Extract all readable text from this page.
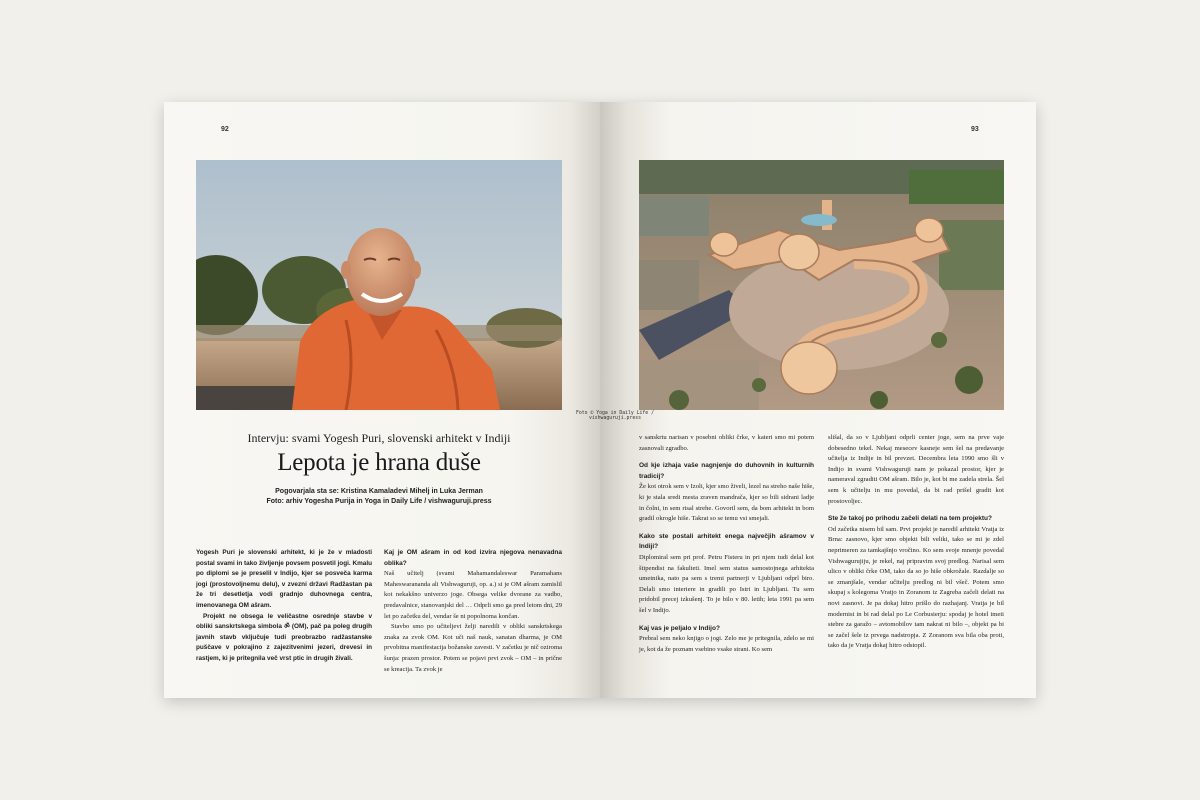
92	93
Foto © Yoga in Daily Life / vishwaguruji.press
Intervju: svami Yogesh Puri, slovenski arhitekt v Indiji
Lepota je hrana duše
Pogovarjala sta se: Kristina Kamaladevi Mihelj in Luka Jerman
Foto: arhiv Yogesha Purija in Yoga in Daily Life / vishwaguruji.press

Yogesh Puri je slovenski arhitekt, ki je že v mladosti postal svami in tako življenje povsem posvetil jogi. Kmalu po diplomi se je preselil v Indijo, kjer se posveča karma jogi (prostovoljnemu delu), v zvezni državi Radžastan pa že tri desetletja vodi gradnjo duhovnega centra, imenovanega OM ašram.

Projekt ne obsega le veličastne osrednje stavbe v obliki sanskrtskega simbola ॐ (OM), pač pa poleg drugih javnih stavb vključuje tudi preobrazbo radžastanske puščave v pokrajino z zajezitvenimi jezeri, drevesi in rastjem, ki je pritegnila več vrst ptic in drugih živali.

Kaj je OM ašram in od kod izvira njegova nenavadna oblika?

Naš učitelj (svami Mahamandaleswar Paramahans Maheswarananda ali Vishwaguruji, op. a.) si je OM ašram zamislil kot nekakšno univerzo joge. Obsega velike dvorane za vadbo, predavalnice, stanovanjski del … Odprli smo ga pred letom dni, 29 let po začetku del, vendar še ni popolnoma končan.

Stavbo smo po učiteljevi želji naredili v obliki sanskrtskega znaka za zvok OM. Kot uči naš nauk, sanatan dharma, je OM prvobitna manifestacija božanske zavesti. V začetku je nič oziroma šunja: prazen prostor. Potem se pojavi prvi zvok – OM – in prične se kreacija. Ta zvok je

v sanskrtu narisan v posebni obliki črke, v kateri smo mi potem zasnovali zgradbo.

Od kje izhaja vaše nagnjenje do duhovnih in kulturnih tradicij?

Že kot otrok sem v Izoli, kjer smo živeli, lezel na streho naše hiše, ki je stala sredi mesta zraven mandrača, kjer so bili sidrani ladje in čolni, in sem risal strehe. Govoril sem, da bom arhitekt in bom gradil okrogle hiše. Takrat so se temu vsi smejali.

Kako ste postali arhitekt enega največjih ašramov v Indiji?

Diplomiral sem pri prof. Petru Fisteru in pri njem tudi delal kot štipendist na fakulteti. Imel sem status samostojnega arhitekta umetnika, nato pa sem s tremi partnerji v Ljubljani odprl biro. Delali smo interiere in gradili po Istri in Ljubljani. Tu sem pridobil precej izkušenj. To je bilo v 80. letih; leta 1991 pa sem šel v Indijo.

Kaj vas je peljalo v Indijo?

Prebral sem neko knjigo o jogi. Zelo me je pritegnila, zdelo se mi je, kot da že poznam vsebino vsake strani. Ko sem

slišal, da so v Ljubljani odprli center joge, sem na prve vaje dobesedno tekel. Nekaj mesecev kasneje sem šel na predavanje učitelja iz Indije in bil prevzet. Decembra leta 1990 smo šli v Indijo in svami Vishwaguruji nam je pokazal prostor, kjer je nameraval zgraditi OM ašram. Bilo je, kot bi me zadela strela. Šel sem k učitelju in mu povedal, da bi rad prišel gradit kot prostovoljec.

Ste že takoj po prihodu začeli delati na tem projektu?

Od začetka nisem bil sam. Prvi projekt je naredil arhitekt Vratja iz Brna: zasnovo, kjer smo objekti bili veliki, tako se mi je zdel neprimeren za tamkajšnjo vročino. Ko sem svoje mnenje povedal Vishwagurujiju, je rekel, naj pripravim svoj predlog. Narisal sem ulico v obliki črke OM, tako da so jo hiše obkrožale. Razdalje so se zmanjšale, vendar učitelju predlog ni bil všeč. Potem smo skupaj s kolegoma Vratjo in Zoranom iz Zagreba začeli delati na novi zasnovi. Je pa dokaj hitro prišlo do razhajanj. Vratja je bil modernist in bi rad delal po Le Corbusierju: spodaj je hotel imeti stebre za garažo – avtomobilov tam nakrat ni bilo –, objekt pa bi se začel šele iz prvega nadstropja. Z Zoranom sva bila oba proti, tako da je Vratja dokaj hitro odstopil.
